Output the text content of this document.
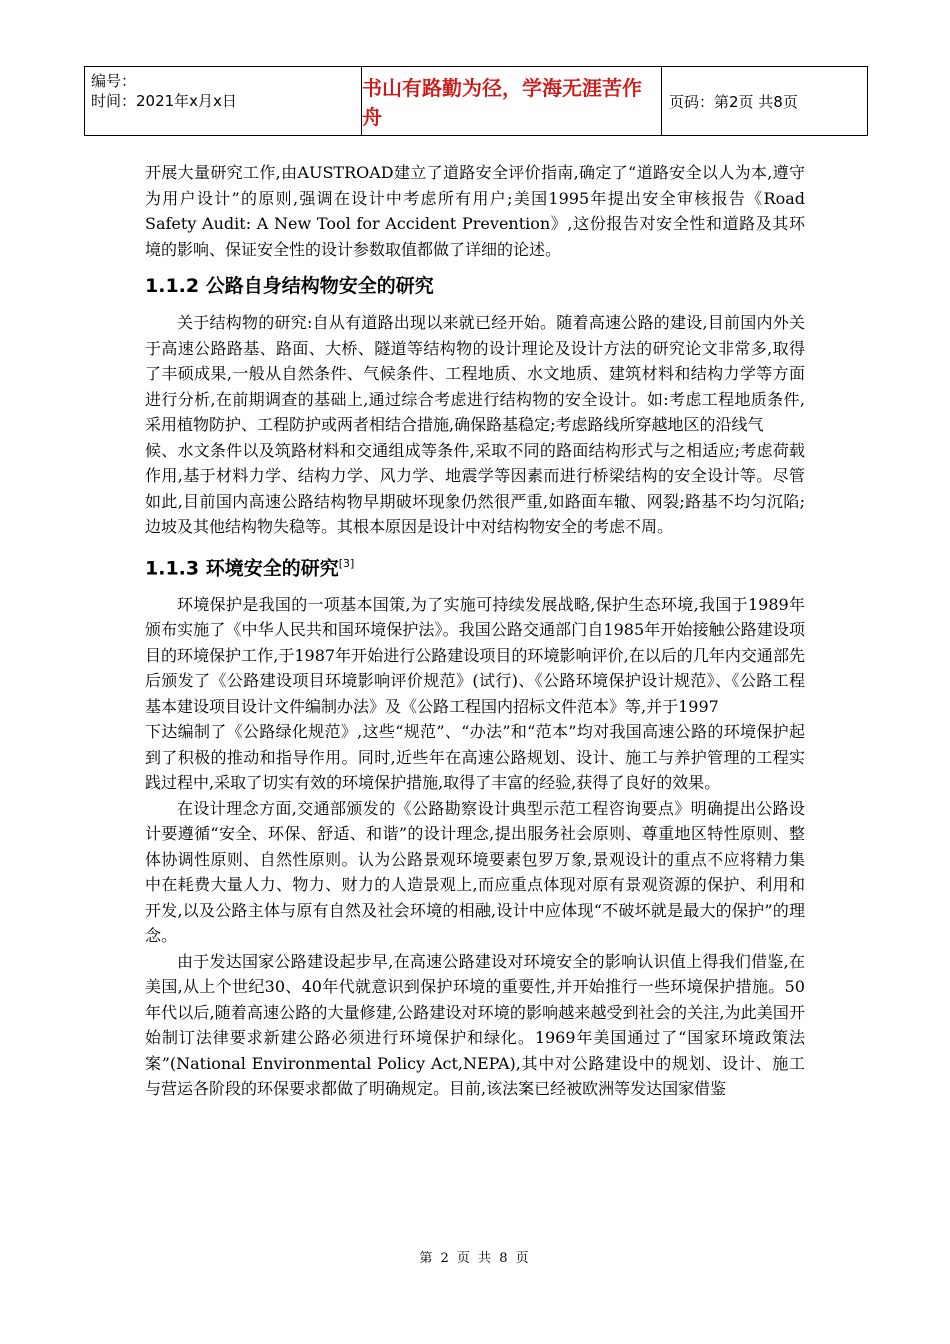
编号：
时间：2021年x月x日
书山有路勤为径，学海无涯苦作舟
页码：第2页 共8页

开展大量研究工作,由AUSTROAD建立了道路安全评价指南,确定了“道路安全以人为本,遵守为用户设计”的原则,强调在设计中考虑所有用户;美国1995年提出安全审核报告《Road Safety Audit: A New Tool for Accident Prevention》,这份报告对安全性和道路及其环境的影响、保证安全性的设计参数取值都做了详细的论述。

1.1.2 公路自身结构物安全的研究

关于结构物的研究:自从有道路出现以来就已经开始。随着高速公路的建设,目前国内外关于高速公路路基、路面、大桥、隧道等结构物的设计理论及设计方法的研究论文非常多,取得了丰硕成果,一般从自然条件、气候条件、工程地质、水文地质、建筑材料和结构力学等方面进行分析,在前期调查的基础上,通过综合考虑进行结构物的安全设计。如:考虑工程地质条件,采用植物防护、工程防护或两者相结合措施,确保路基稳定;考虑路线所穿越地区的沿线气

候、水文条件以及筑路材料和交通组成等条件,采取不同的路面结构形式与之相适应;考虑荷载作用,基于材料力学、结构力学、风力学、地震学等因素而进行桥梁结构的安全设计等。尽管如此,目前国内高速公路结构物早期破坏现象仍然很严重,如路面车辙、网裂;路基不均匀沉陷;边坡及其他结构物失稳等。其根本原因是设计中对结构物安全的考虑不周。

1.1.3 环境安全的研究[3]

环境保护是我国的一项基本国策,为了实施可持续发展战略,保护生态环境,我国于1989年颁布实施了《中华人民共和国环境保护法》。我国公路交通部门自1985年开始接触公路建设项目的环境保护工作,于1987年开始进行公路建设项目的环境影响评价,在以后的几年内交通部先后颁发了《公路建设项目环境影响评价规范》(试行)、《公路环境保护设计规范》、《公路工程基本建设项目设计文件编制办法》及《公路工程国内招标文件范本》等,并于1997

下达编制了《公路绿化规范》,这些“规范”、“办法”和“范本”均对我国高速公路的环境保护起到了积极的推动和指导作用。同时,近些年在高速公路规划、设计、施工与养护管理的工程实践过程中,采取了切实有效的环境保护措施,取得了丰富的经验,获得了良好的效果。

在设计理念方面,交通部颁发的《公路勘察设计典型示范工程咨询要点》明确提出公路设计要遵循“安全、环保、舒适、和谐”的设计理念,提出服务社会原则、尊重地区特性原则、整体协调性原则、自然性原则。认为公路景观环境要素包罗万象,景观设计的重点不应将精力集中在耗费大量人力、物力、财力的人造景观上,而应重点体现对原有景观资源的保护、利用和开发,以及公路主体与原有自然及社会环境的相融,设计中应体现“不破坏就是最大的保护”的理念。

由于发达国家公路建设起步早,在高速公路建设对环境安全的影响认识值上得我们借鉴,在美国,从上个世纪30、40年代就意识到保护环境的重要性,并开始推行一些环境保护措施。50年代以后,随着高速公路的大量修建,公路建设对环境的影响越来越受到社会的关注,为此美国开始制订法律要求新建公路必须进行环境保护和绿化。1969年美国通过了“国家环境政策法案”(National Environmental Policy Act,NEPA),其中对公路建设中的规划、设计、施工与营运各阶段的环保要求都做了明确规定。目前,该法案已经被欧洲等发达国家借鉴

第 2 页 共 8 页
